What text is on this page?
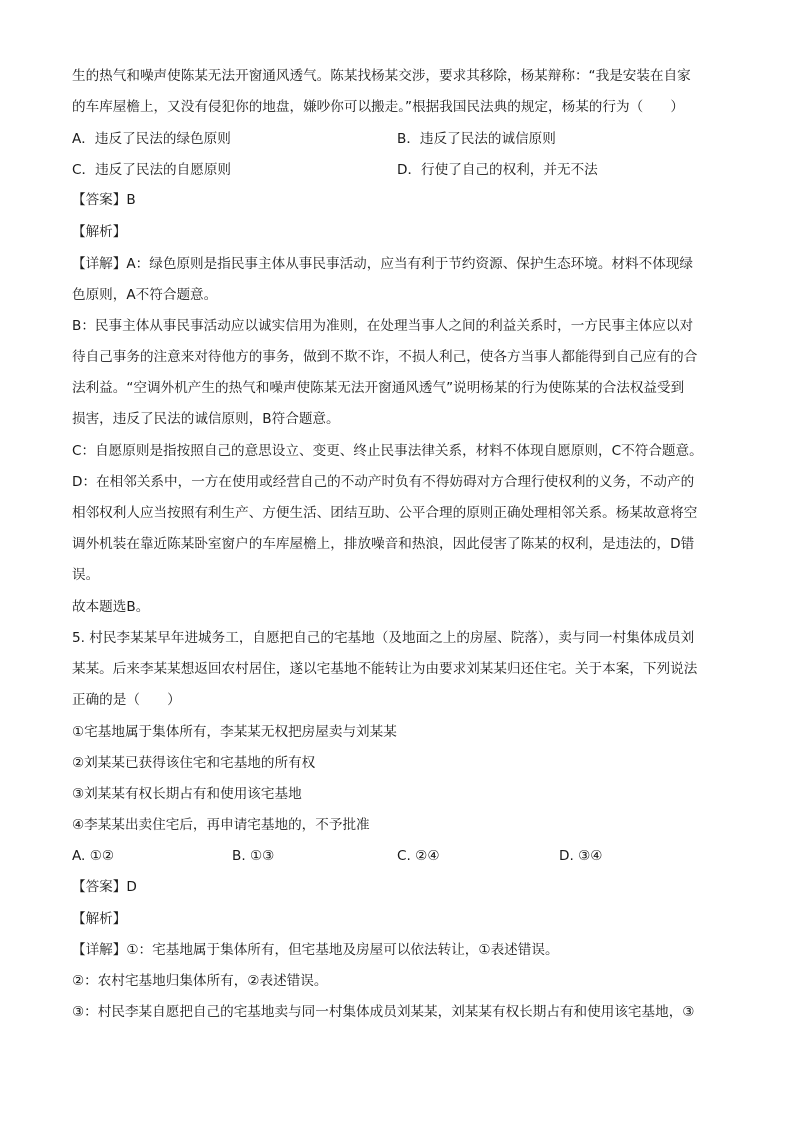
生的热气和噪声使陈某无法开窗通风透气。陈某找杨某交涉，要求其移除，杨某辩称：“我是安装在自家
的车库屋檐上，又没有侵犯你的地盘，嫌吵你可以搬走。”根据我国民法典的规定，杨某的行为（　　）
A．违反了民法的绿色原则	B．违反了民法的诚信原则
C．违反了民法的自愿原则	D．行使了自己的权利，并无不法
【答案】B
【解析】
【详解】A：绿色原则是指民事主体从事民事活动，应当有利于节约资源、保护生态环境。材料不体现绿
色原则，A不符合题意。
B：民事主体从事民事活动应以诚实信用为准则，在处理当事人之间的利益关系时，一方民事主体应以对
待自己事务的注意来对待他方的事务，做到不欺不诈，不损人利己，使各方当事人都能得到自己应有的合
法利益。“空调外机产生的热气和噪声使陈某无法开窗通风透气”说明杨某的行为使陈某的合法权益受到
损害，违反了民法的诚信原则，B符合题意。
C：自愿原则是指按照自己的意思设立、变更、终止民事法律关系，材料不体现自愿原则，C不符合题意。
D：在相邻关系中，一方在使用或经营自己的不动产时负有不得妨碍对方合理行使权利的义务，不动产的
相邻权利人应当按照有利生产、方便生活、团结互助、公平合理的原则正确处理相邻关系。杨某故意将空
调外机装在靠近陈某卧室窗户的车库屋檐上，排放噪音和热浪，因此侵害了陈某的权利，是违法的，D错
误。
故本题选B。
5. 村民李某某早年进城务工，自愿把自己的宅基地（及地面之上的房屋、院落），卖与同一村集体成员刘
某某。后来李某某想返回农村居住，遂以宅基地不能转让为由要求刘某某归还住宅。关于本案，下列说法
正确的是（　　）
①宅基地属于集体所有，李某某无权把房屋卖与刘某某
②刘某某已获得该住宅和宅基地的所有权
③刘某某有权长期占有和使用该宅基地
④李某某出卖住宅后，再申请宅基地的，不予批准
A. ①②	B. ①③	C. ②④	D. ③④
【答案】D
【解析】
【详解】①：宅基地属于集体所有，但宅基地及房屋可以依法转让，①表述错误。
②：农村宅基地归集体所有，②表述错误。
③：村民李某自愿把自己的宅基地卖与同一村集体成员刘某某，刘某某有权长期占有和使用该宅基地，③
